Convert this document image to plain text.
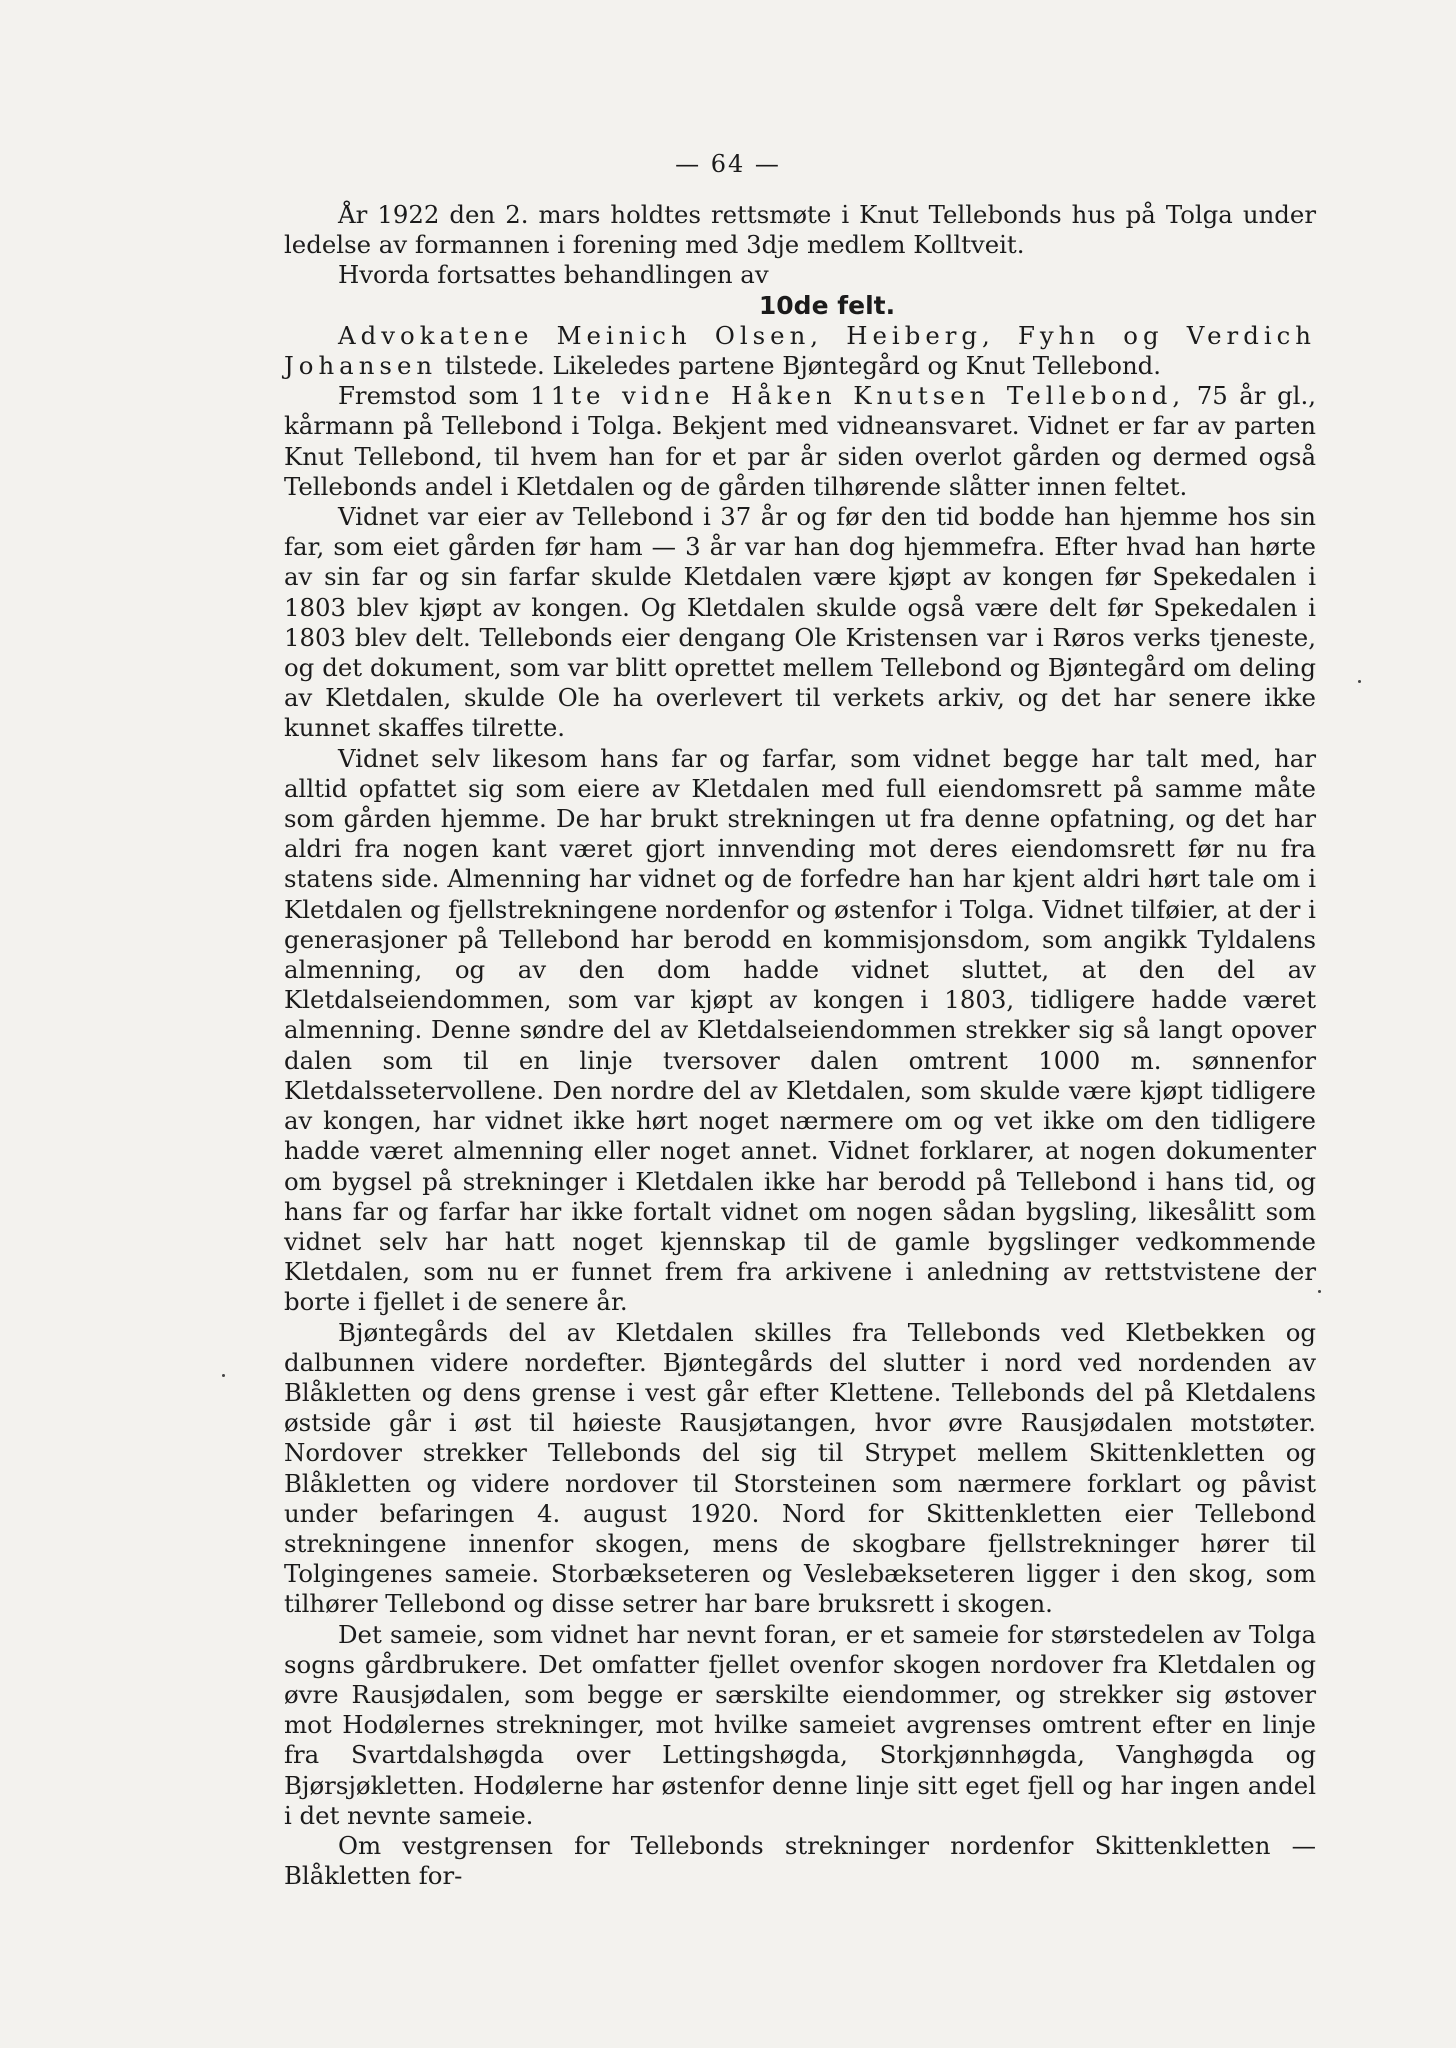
— 64 —

År 1922 den 2. mars holdtes rettsmøte i Knut Tellebonds hus på Tolga under ledelse av formannen i forening med 3dje medlem Kolltveit.

Hvorda fortsattes behandlingen av

10de felt.

Advokatene Meinich Olsen, Heiberg, Fyhn og Verdich Johansen tilstede. Likeledes partene Bjøntegård og Knut Tellebond.

Fremstod som 11te vidne Håken Knutsen Tellebond, 75 år gl., kårmann på Tellebond i Tolga. Bekjent med vidneansvaret. Vidnet er far av parten Knut Tellebond, til hvem han for et par år siden overlot gården og dermed også Tellebonds andel i Kletdalen og de gården tilhørende slåtter innen feltet.

Vidnet var eier av Tellebond i 37 år og før den tid bodde han hjemme hos sin far, som eiet gården før ham — 3 år var han dog hjemmefra. Efter hvad han hørte av sin far og sin farfar skulde Kletdalen være kjøpt av kongen før Spekedalen i 1803 blev kjøpt av kongen. Og Kletdalen skulde også være delt før Spekedalen i 1803 blev delt. Tellebonds eier dengang Ole Kristensen var i Røros verks tjeneste, og det dokument, som var blitt oprettet mellem Tellebond og Bjøntegård om deling av Kletdalen, skulde Ole ha overlevert til verkets arkiv, og det har senere ikke kunnet skaffes tilrette.

Vidnet selv likesom hans far og farfar, som vidnet begge har talt med, har alltid opfattet sig som eiere av Kletdalen med full eiendomsrett på samme måte som gården hjemme. De har brukt strekningen ut fra denne opfatning, og det har aldri fra nogen kant været gjort innvending mot deres eiendomsrett før nu fra statens side. Almenning har vidnet og de forfedre han har kjent aldri hørt tale om i Kletdalen og fjellstrekningene nordenfor og østenfor i Tolga. Vidnet tilføier, at der i generasjoner på Tellebond har berodd en kommisjonsdom, som angikk Tyldalens almenning, og av den dom hadde vidnet sluttet, at den del av Kletdalseiendommen, som var kjøpt av kongen i 1803, tidligere hadde været almenning. Denne søndre del av Kletdalseiendommen strekker sig så langt opover dalen som til en linje tversover dalen omtrent 1000 m. sønnenfor Kletdalssetervollene. Den nordre del av Kletdalen, som skulde være kjøpt tidligere av kongen, har vidnet ikke hørt noget nærmere om og vet ikke om den tidligere hadde været almenning eller noget annet. Vidnet forklarer, at nogen dokumenter om bygsel på strekninger i Kletdalen ikke har berodd på Tellebond i hans tid, og hans far og farfar har ikke fortalt vidnet om nogen sådan bygsling, likesålitt som vidnet selv har hatt noget kjennskap til de gamle bygslinger vedkommende Kletdalen, som nu er funnet frem fra arkivene i anledning av rettstvistene der borte i fjellet i de senere år.

Bjøntegårds del av Kletdalen skilles fra Tellebonds ved Kletbekken og dalbunnen videre nordefter. Bjøntegårds del slutter i nord ved nordenden av Blåkletten og dens grense i vest går efter Klettene. Tellebonds del på Kletdalens østside går i øst til høieste Rausjøtangen, hvor øvre Rausjødalen motstøter. Nordover strekker Tellebonds del sig til Strypet mellem Skittenkletten og Blåkletten og videre nordover til Storsteinen som nærmere forklart og påvist under befaringen 4. august 1920. Nord for Skittenkletten eier Tellebond strekningene innenfor skogen, mens de skogbare fjellstrekninger hører til Tolgingenes sameie. Storbækseteren og Veslebækseteren ligger i den skog, som tilhører Tellebond og disse setrer har bare bruksrett i skogen.

Det sameie, som vidnet har nevnt foran, er et sameie for størstedelen av Tolga sogns gårdbrukere. Det omfatter fjellet ovenfor skogen nordover fra Kletdalen og øvre Rausjødalen, som begge er særskilte eiendommer, og strekker sig østover mot Hodølernes strekninger, mot hvilke sameiet avgrenses omtrent efter en linje fra Svartdalshøgda over Lettingshøgda, Storkjønnhøgda, Vanghøgda og Bjørsjøkletten. Hodølerne har østenfor denne linje sitt eget fjell og har ingen andel i det nevnte sameie.

Om vestgrensen for Tellebonds strekninger nordenfor Skittenkletten — Blåkletten for-
